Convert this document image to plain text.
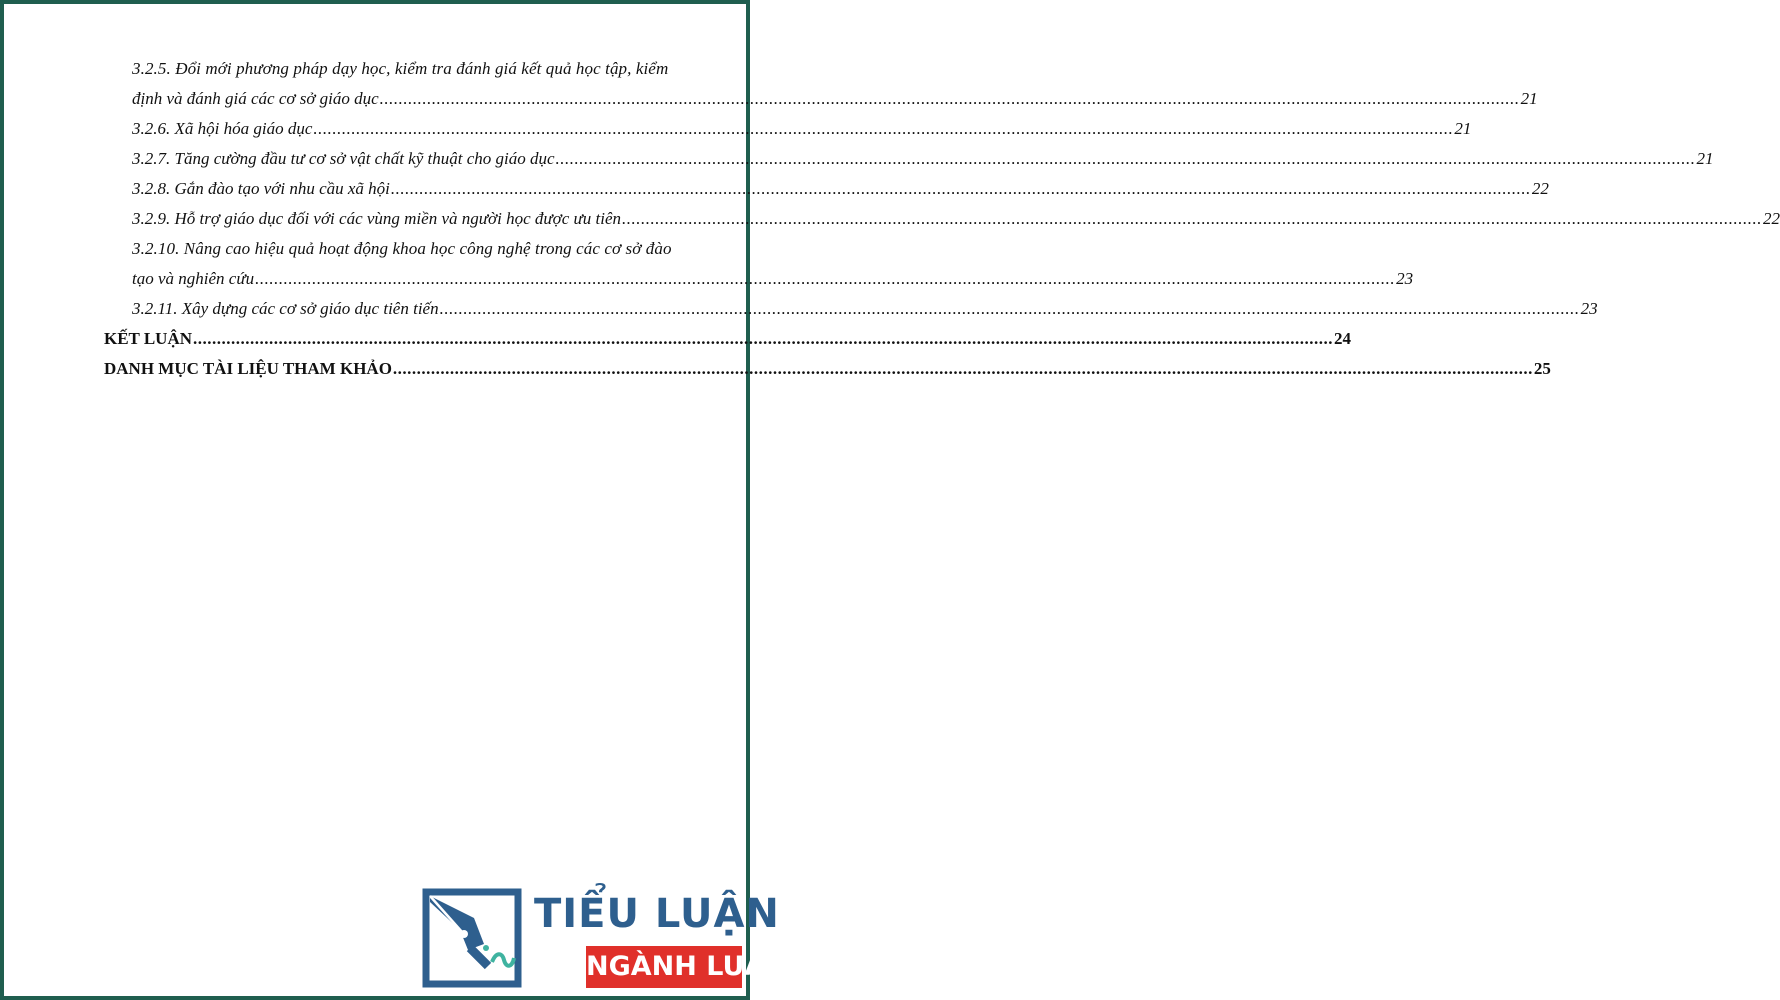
3.2.5. Đổi mới phương pháp dạy học, kiểm tra đánh giá kết quả học tập, kiểm
định và đánh giá các cơ sở giáo dục .....	21
3.2.6. Xã hội hóa giáo dục .....	21
3.2.7. Tăng cường đầu tư cơ sở vật chất kỹ thuật cho giáo dục .....	21
3.2.8. Gắn đào tạo với nhu cầu xã hội .....	22
3.2.9. Hỗ trợ giáo dục đối với các vùng miền và người học được ưu tiên .....	22
3.2.10. Nâng cao hiệu quả hoạt động khoa học công nghệ trong các cơ sở đào
tạo và nghiên cứu .....	23
3.2.11. Xây dựng các cơ sở giáo dục tiên tiến .....	23
KẾT LUẬN .....	24
DANH MỤC TÀI LIỆU THAM KHẢO .....	25
TIỂU LUẬN
NGÀNH LUẬT
